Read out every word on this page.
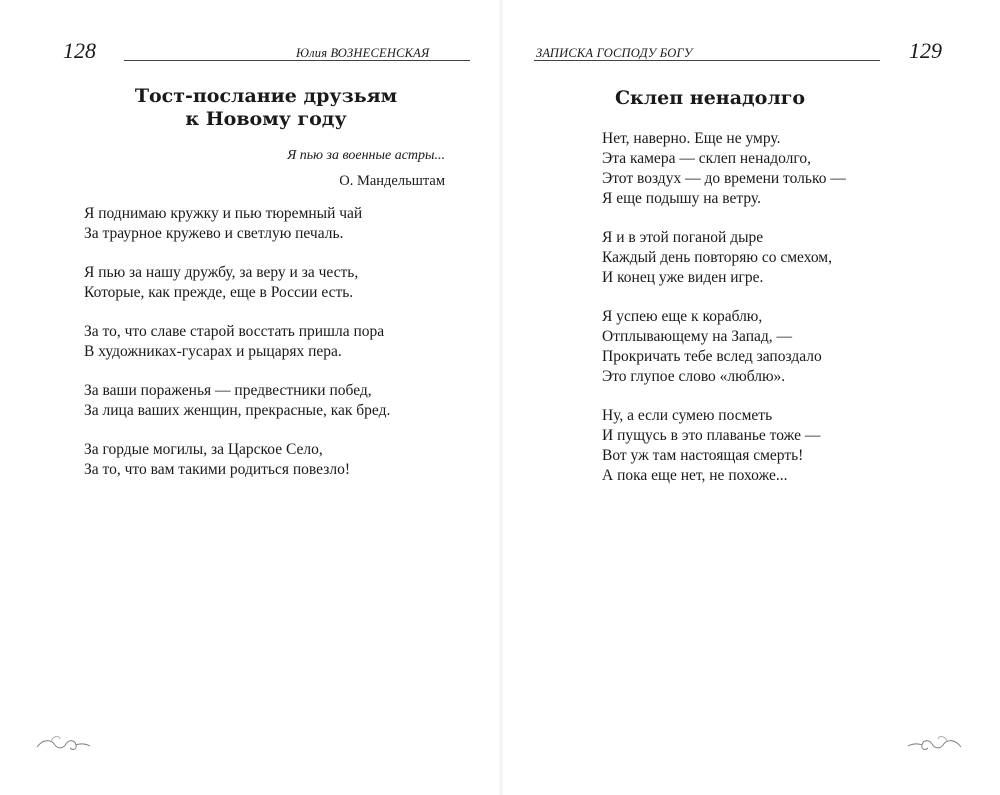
128	Юлия ВОЗНЕСЕНСКАЯ
Тост-послание друзьям
к Новому году
Я пью за военные астры...
О. Мандельштам
Я поднимаю кружку и пью тюремный чай
За траурное кружево и светлую печаль.
Я пью за нашу дружбу, за веру и за честь,
Которые, как прежде, еще в России есть.
За то, что славе старой восстать пришла пора
В художниках-гусарах и рыцарях пера.
За ваши пораженья — предвестники побед,
За лица ваших женщин, прекрасные, как бред.
За гордые могилы, за Царское Село,
За то, что вам такими родиться повезло!
ЗАПИСКА ГОСПОДУ БОГУ	129
Склеп ненадолго
Нет, наверно. Еще не умру.
Эта камера — склеп ненадолго,
Этот воздух — до времени только —
Я еще подышу на ветру.
Я и в этой поганой дыре
Каждый день повторяю со смехом,
И конец уже виден игре.
Я успею еще к кораблю,
Отплывающему на Запад, —
Прокричать тебе вслед запоздало
Это глупое слово «люблю».
Ну, а если сумею посметь
И пущусь в это плаванье тоже —
Вот уж там настоящая смерть!
А пока еще нет, не похоже...
